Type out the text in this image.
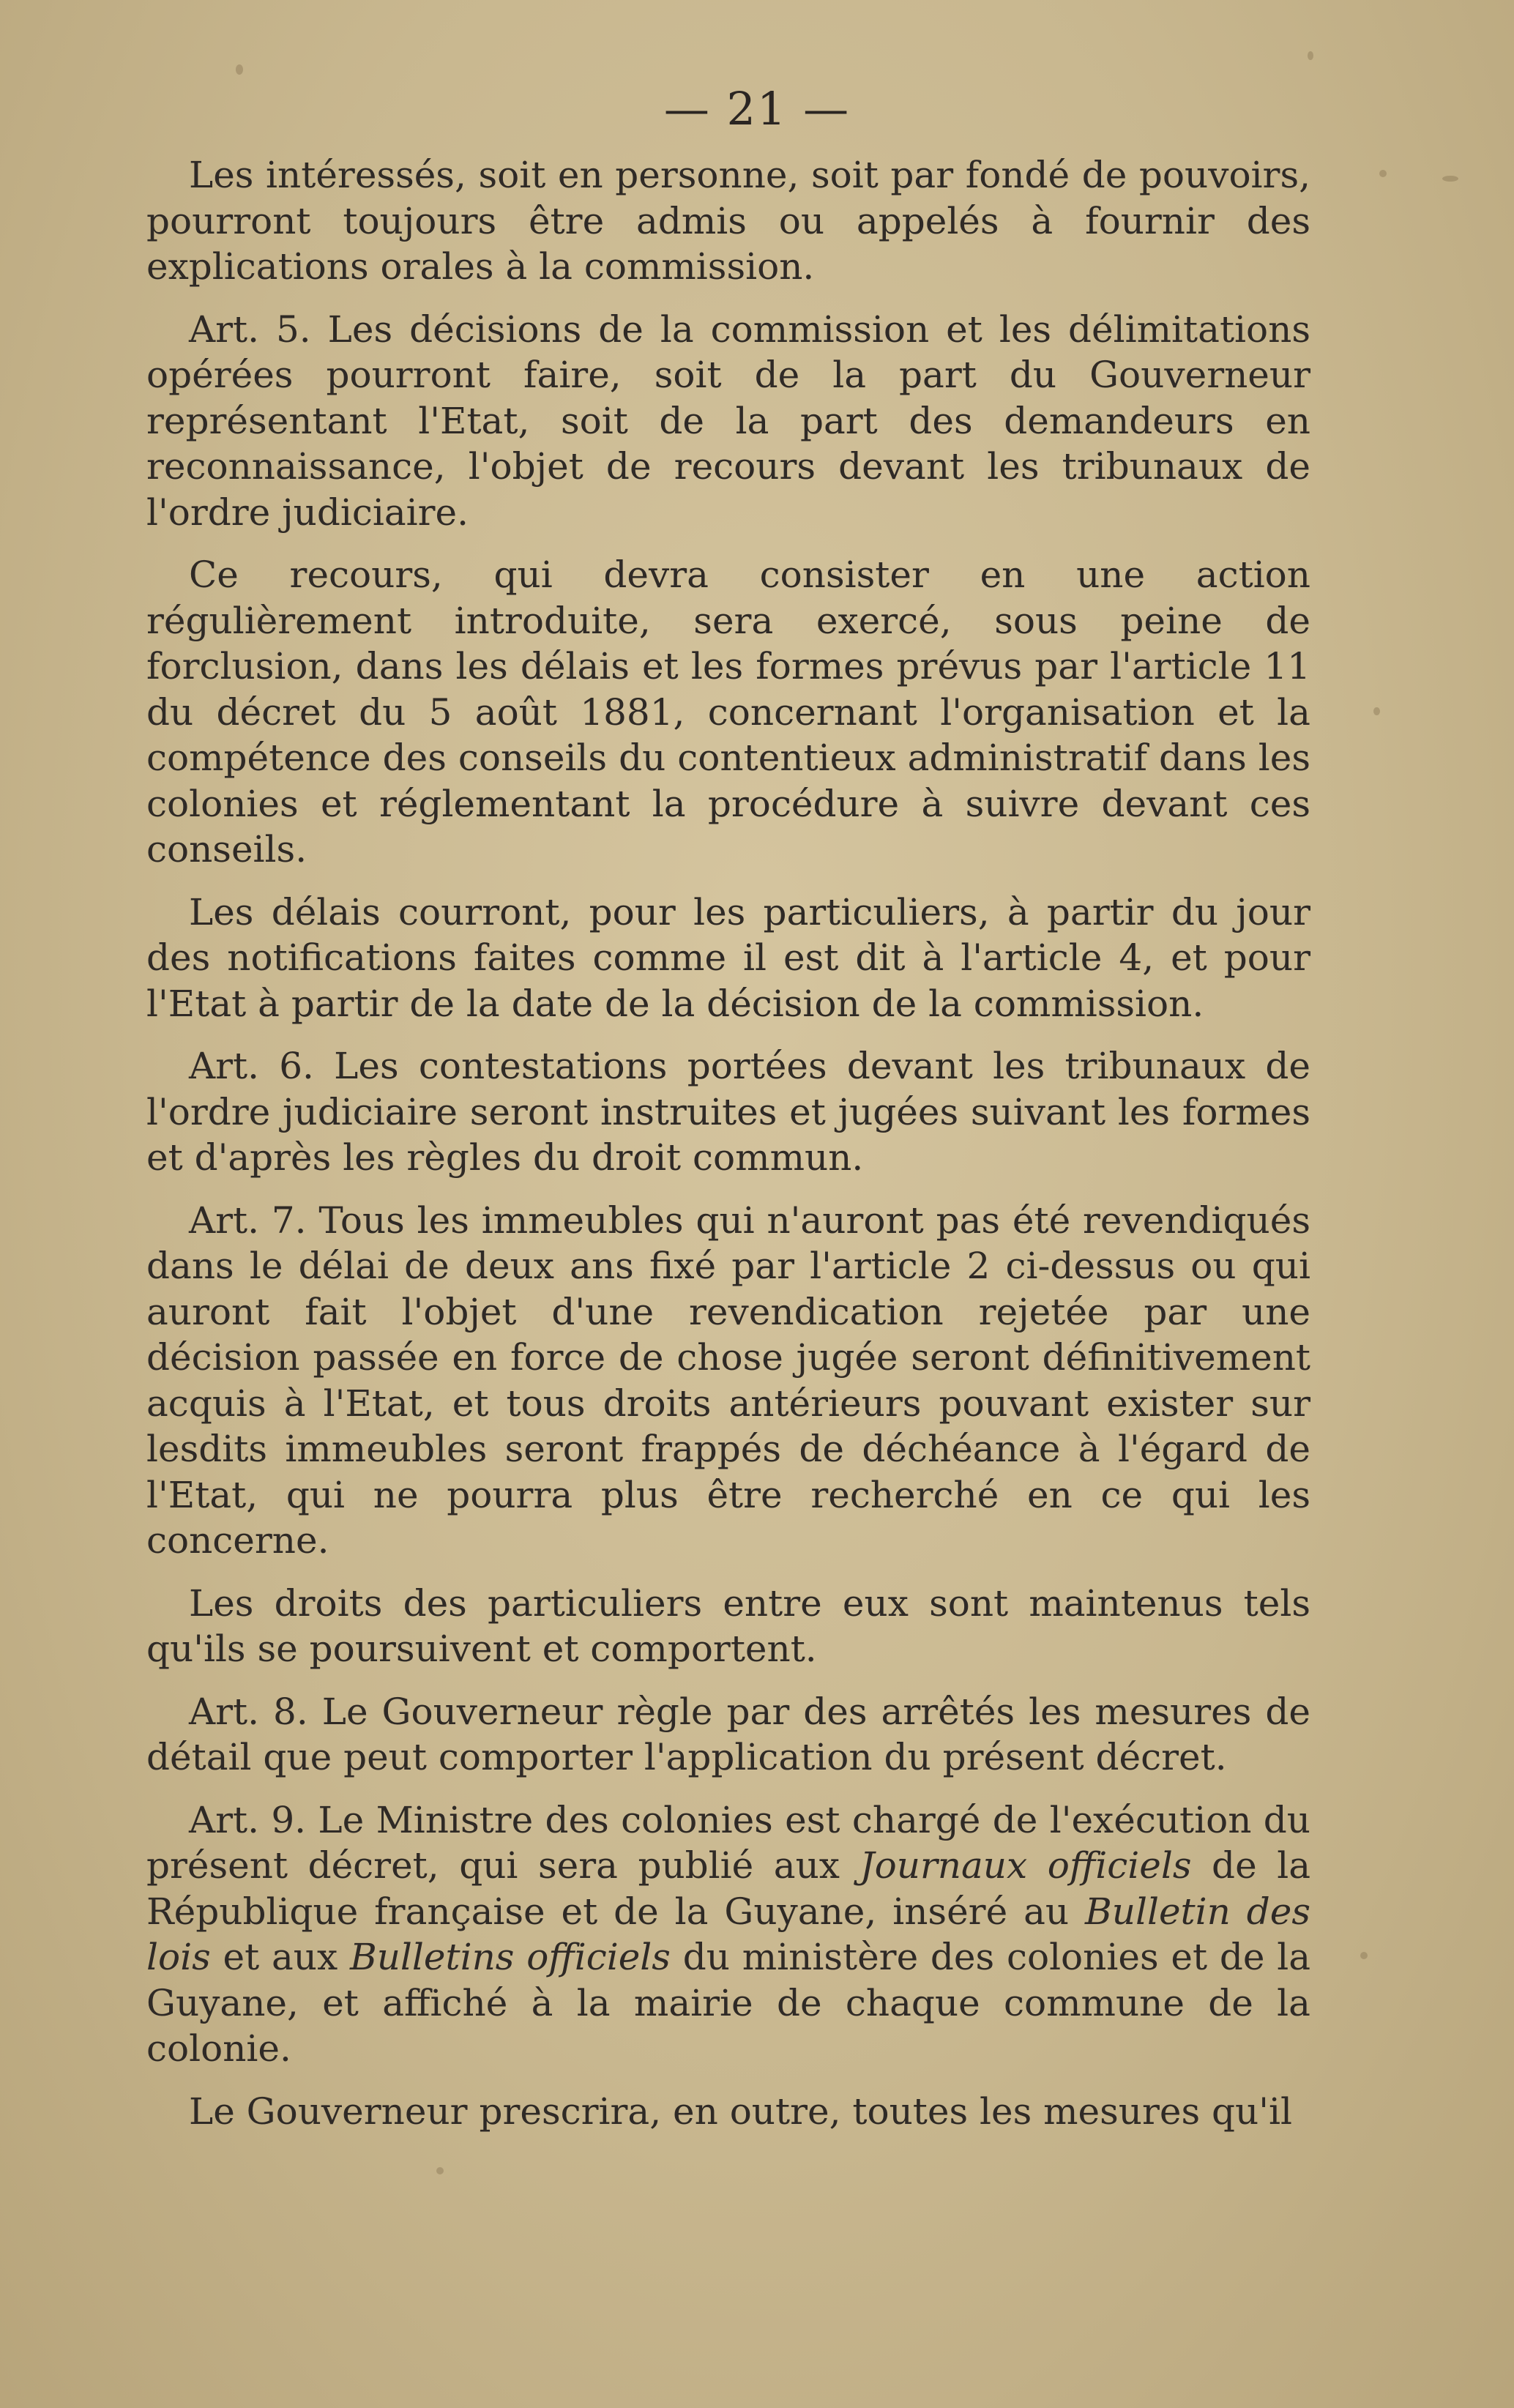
— 21 —

Les intéressés, soit en personne, soit par fondé de pouvoirs, pourront toujours être admis ou appelés à fournir des explications orales à la commission.

Art. 5. Les décisions de la commission et les délimitations opérées pourront faire, soit de la part du Gouverneur représentant l'Etat, soit de la part des demandeurs en reconnaissance, l'objet de recours devant les tribunaux de l'ordre judiciaire.

Ce recours, qui devra consister en une action régulièrement introduite, sera exercé, sous peine de forclusion, dans les délais et les formes prévus par l'article 11 du décret du 5 août 1881, concernant l'organisation et la compétence des conseils du contentieux administratif dans les colonies et réglementant la procédure à suivre devant ces conseils.

Les délais courront, pour les particuliers, à partir du jour des notifications faites comme il est dit à l'article 4, et pour l'Etat à partir de la date de la décision de la commission.

Art. 6. Les contestations portées devant les tribunaux de l'ordre judiciaire seront instruites et jugées suivant les formes et d'après les règles du droit commun.

Art. 7. Tous les immeubles qui n'auront pas été revendiqués dans le délai de deux ans fixé par l'article 2 ci-dessus ou qui auront fait l'objet d'une revendication rejetée par une décision passée en force de chose jugée seront définitivement acquis à l'Etat, et tous droits antérieurs pouvant exister sur lesdits immeubles seront frappés de déchéance à l'égard de l'Etat, qui ne pourra plus être recherché en ce qui les concerne.

Les droits des particuliers entre eux sont maintenus tels qu'ils se poursuivent et comportent.

Art. 8. Le Gouverneur règle par des arrêtés les mesures de détail que peut comporter l'application du présent décret.

Art. 9. Le Ministre des colonies est chargé de l'exécution du présent décret, qui sera publié aux Journaux officiels de la République française et de la Guyane, inséré au Bulletin des lois et aux Bulletins officiels du ministère des colonies et de la Guyane, et affiché à la mairie de chaque commune de la colonie.

Le Gouverneur prescrira, en outre, toutes les mesures qu'il
